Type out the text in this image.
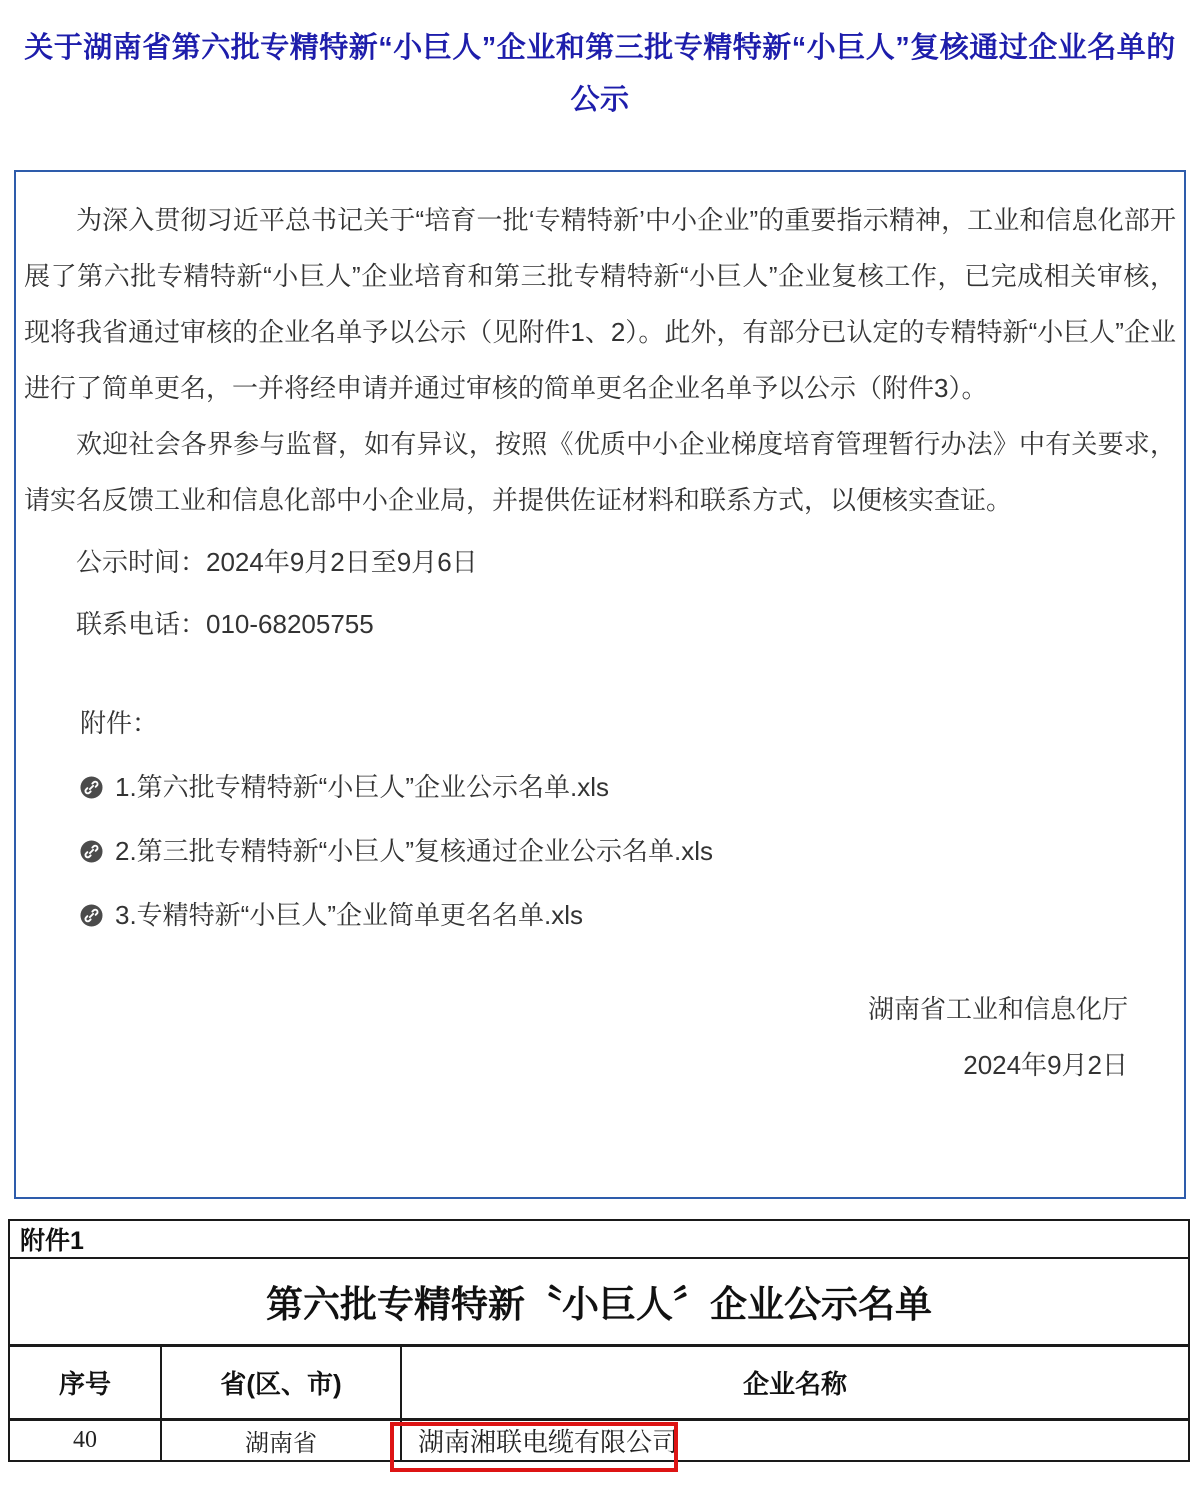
关于湖南省第六批专精特新“小巨人”企业和第三批专精特新“小巨人”复核通过企业名单的公示

为深入贯彻习近平总书记关于“培育一批‘专精特新’中小企业”的重要指示精神，工业和信息化部开展了第六批专精特新“小巨人”企业培育和第三批专精特新“小巨人”企业复核工作，已完成相关审核，现将我省通过审核的企业名单予以公示（见附件1、2）。此外，有部分已认定的专精特新“小巨人”企业进行了简单更名，一并将经申请并通过审核的简单更名企业名单予以公示（附件3）。

欢迎社会各界参与监督，如有异议，按照《优质中小企业梯度培育管理暂行办法》中有关要求，请实名反馈工业和信息化部中小企业局，并提供佐证材料和联系方式，以便核实查证。

公示时间：2024年9月2日至9月6日

联系电话：010-68205755

附件：

1.第六批专精特新“小巨人”企业公示名单.xls
2.第三批专精特新“小巨人”复核通过企业公示名单.xls
3.专精特新“小巨人”企业简单更名名单.xls

湖南省工业和信息化厅

2024年9月2日

附件1		
第六批专精特新〝小巨人〞企业公示名单		
序号	省(区、市)	企业名称
40	湖南省	湖南湘联电缆有限公司
